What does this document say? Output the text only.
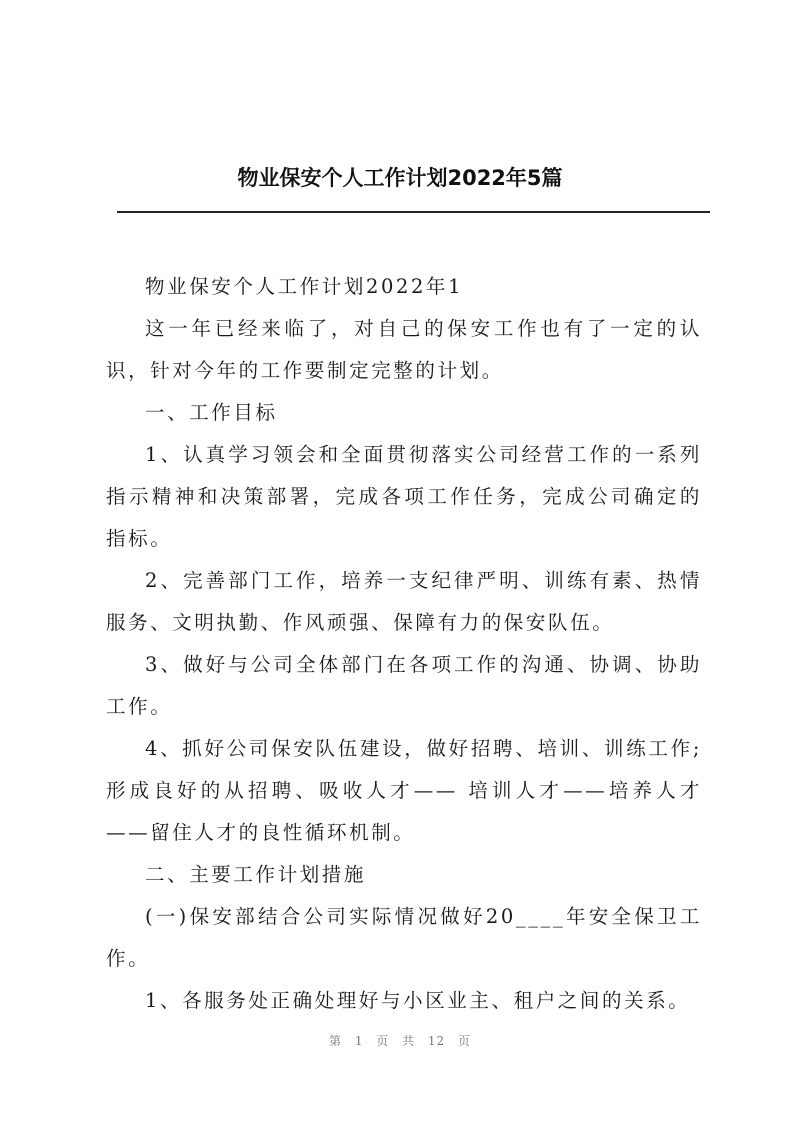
物业保安个人工作计划2022年5篇

物业保安个人工作计划2022年1

这一年已经来临了，对自己的保安工作也有了一定的认识，针对今年的工作要制定完整的计划。

一、工作目标

1、认真学习领会和全面贯彻落实公司经营工作的一系列指示精神和决策部署，完成各项工作任务，完成公司确定的指标。

2、完善部门工作，培养一支纪律严明、训练有素、热情服务、文明执勤、作风顽强、保障有力的保安队伍。

3、做好与公司全体部门在各项工作的沟通、协调、协助工作。

4、抓好公司保安队伍建设，做好招聘、培训、训练工作;形成良好的从招聘、吸收人才—— 培训人才——培养人才——留住人才的良性循环机制。

二、主要工作计划措施

(一)保安部结合公司实际情况做好20____年安全保卫工作。

1、各服务处正确处理好与小区业主、租户之间的关系。

第 1 页 共 12 页
